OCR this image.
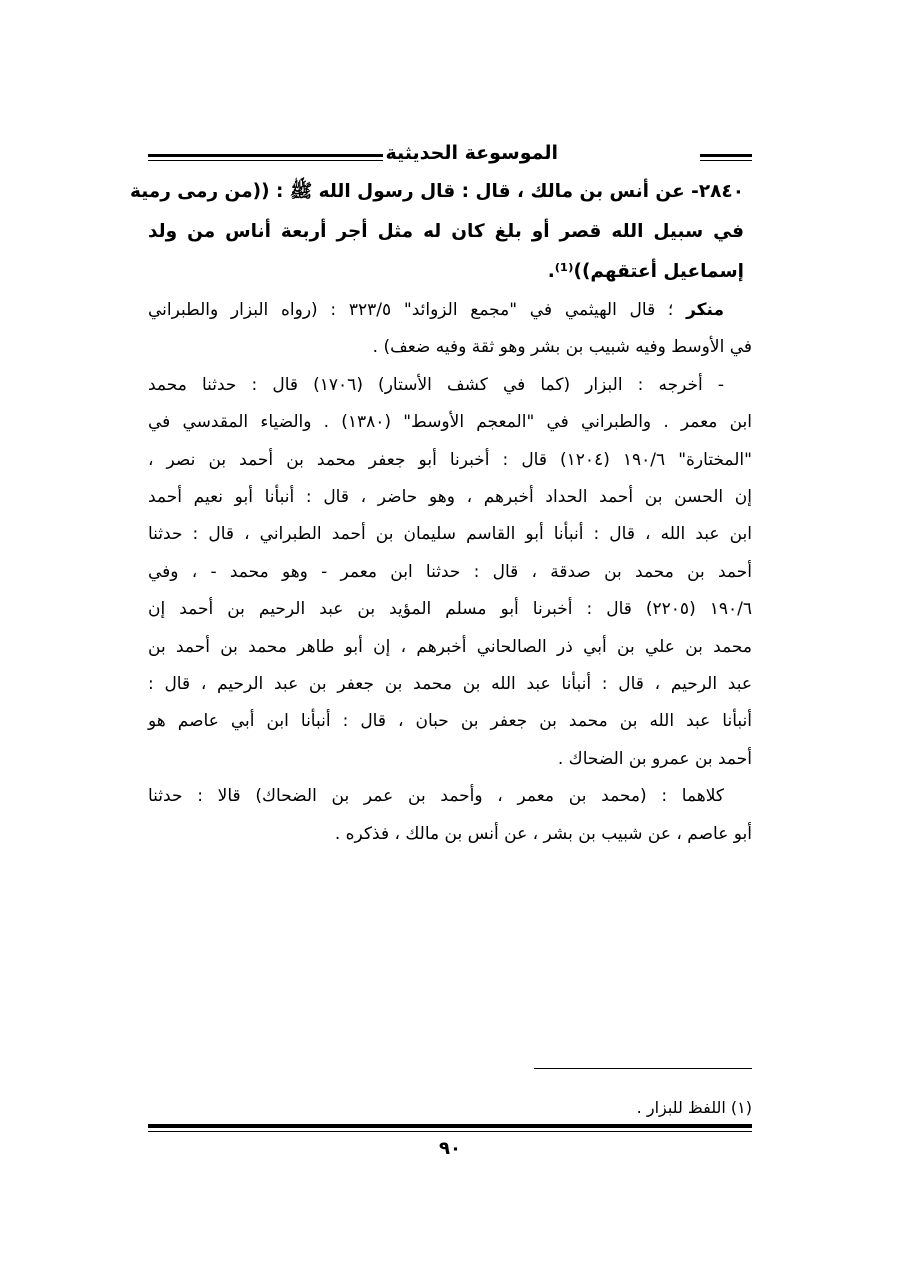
الموسوعة الحديثية
٢٨٤٠- عن أنس بن مالك ، قال : قال رسول الله ﷺ : ((من رمى رمية
في سبيل الله قصر أو بلغ كان له مثل أجر أربعة أناس من ولد
إسماعيل أعتقهم))⁽¹⁾.
منكر ؛ قال الهيثمي في "مجمع الزوائد" ٣٢٣/٥ : (رواه البزار والطبراني
في الأوسط وفيه شبيب بن بشر وهو ثقة وفيه ضعف) .
- أخرجه : البزار (كما في كشف الأستار) (١٧٠٦) قال : حدثنا محمد
ابن معمر . والطبراني في "المعجم الأوسط" (١٣٨٠) . والضياء المقدسي في
"المختارة" ١٩٠/٦ (١٢٠٤) قال : أخبرنا أبو جعفر محمد بن أحمد بن نصر ،
إن الحسن بن أحمد الحداد أخبرهم ، وهو حاضر ، قال : أنبأنا أبو نعيم أحمد
ابن عبد الله ، قال : أنبأنا أبو القاسم سليمان بن أحمد الطبراني ، قال : حدثنا
أحمد بن محمد بن صدقة ، قال : حدثنا ابن معمر - وهو محمد - ، وفي
١٩٠/٦ (٢٢٠٥) قال : أخبرنا أبو مسلم المؤيد بن عبد الرحيم بن أحمد إن
محمد بن علي بن أبي ذر الصالحاني أخبرهم ، إن أبو طاهر محمد بن أحمد بن
عبد الرحيم ، قال : أنبأنا عبد الله بن محمد بن جعفر بن عبد الرحيم ، قال :
أنبأنا عبد الله بن محمد بن جعفر بن حبان ، قال : أنبأنا ابن أبي عاصم هو
أحمد بن عمرو بن الضحاك .
كلاهما : (محمد بن معمر ، وأحمد بن عمر بن الضحاك) قالا : حدثنا
أبو عاصم ، عن شبيب بن بشر ، عن أنس بن مالك ، فذكره .
(١) اللفظ للبزار .
٩٠
